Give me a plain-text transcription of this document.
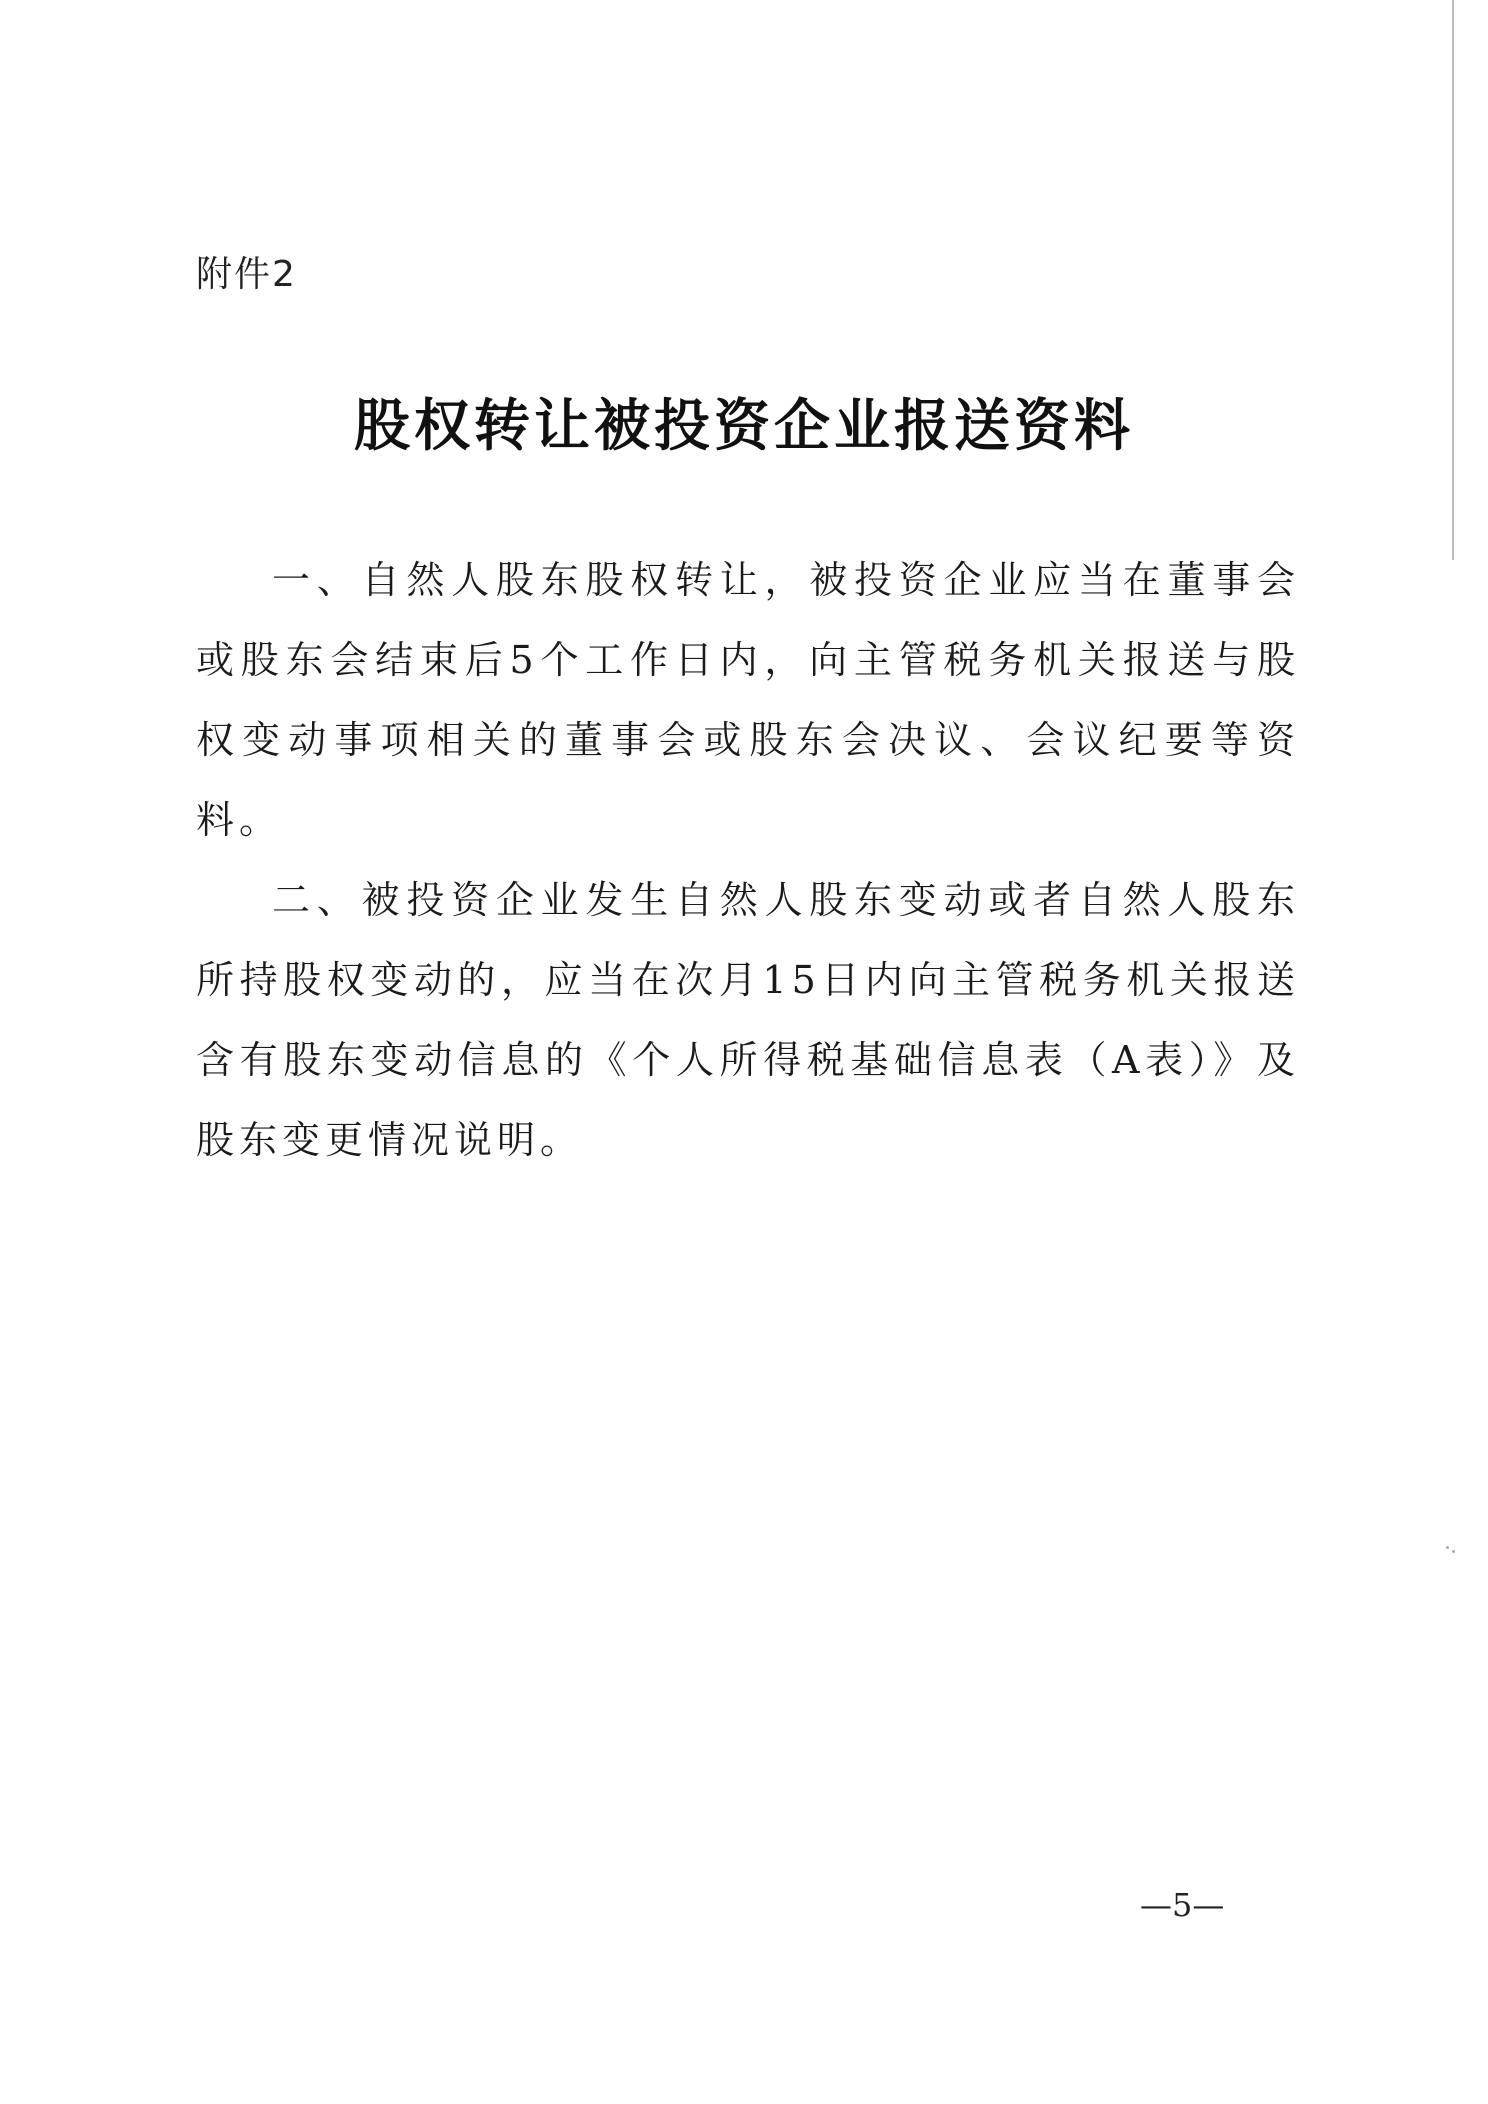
附件2
股权转让被投资企业报送资料

一、自然人股东股权转让，被投资企业应当在董事会或股东会结束后5个工作日内，向主管税务机关报送与股权变动事项相关的董事会或股东会决议、会议纪要等资料。

二、被投资企业发生自然人股东变动或者自然人股东所持股权变动的，应当在次月15日内向主管税务机关报送含有股东变动信息的《个人所得税基础信息表（A表）》及股东变更情况说明。

—5—
